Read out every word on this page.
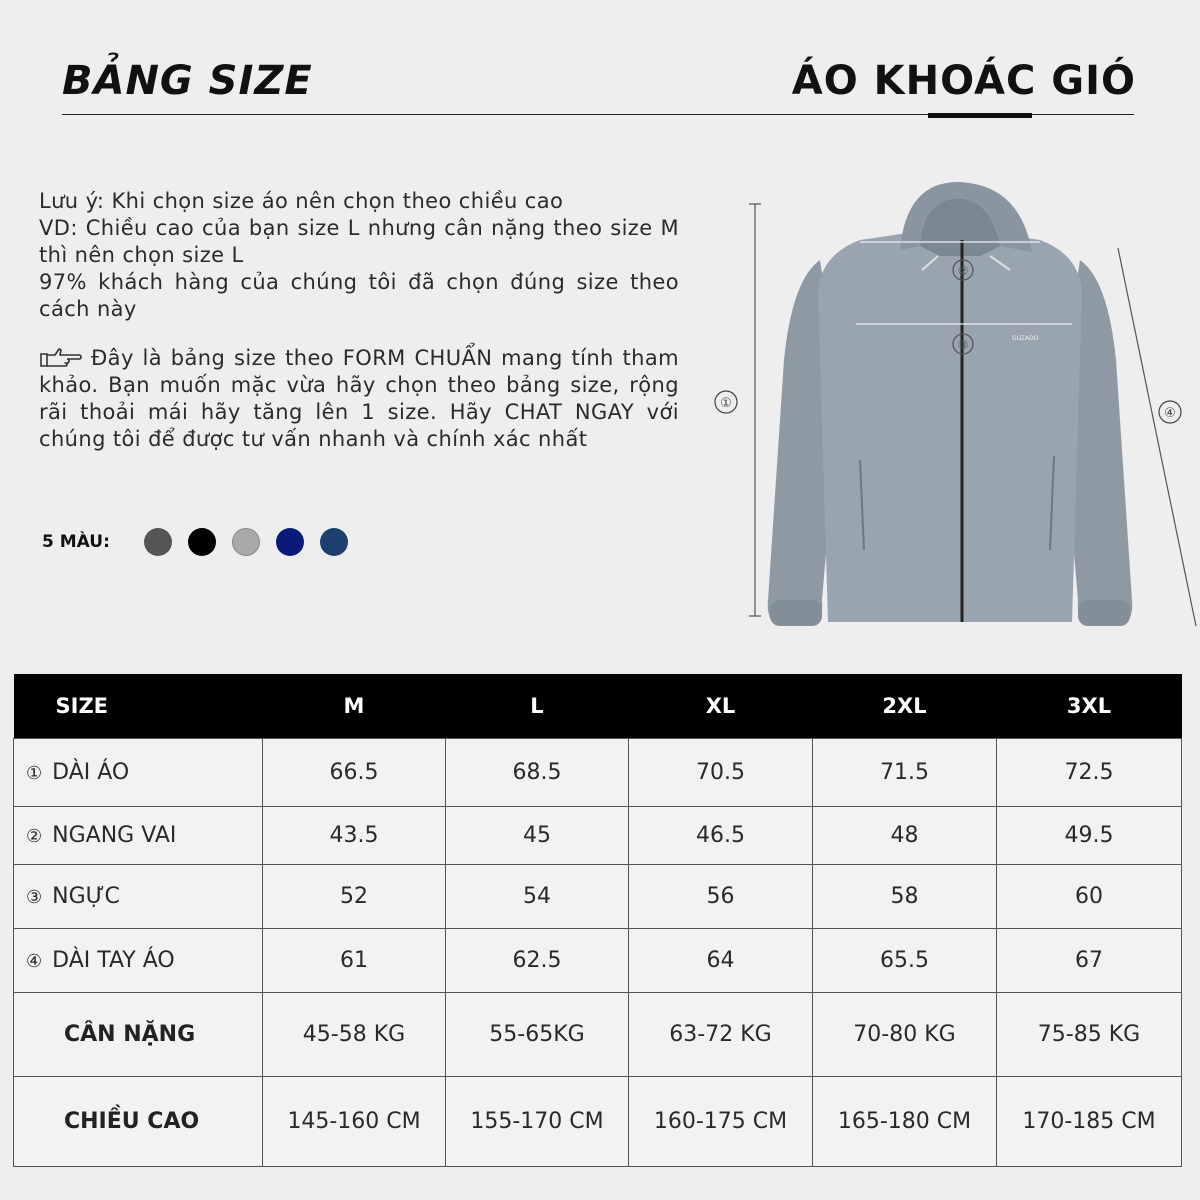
BẢNG SIZE	ÁO KHOÁC GIÓ

Lưu ý: Khi chọn size áo nên chọn theo chiều cao

VD: Chiều cao của bạn size L nhưng cân nặng theo size M thì nên chọn size L

97% khách hàng của chúng tôi đã chọn đúng size theo cách này

Đây là bảng size theo FORM CHUẨN mang tính tham khảo. Bạn muốn mặc vừa hãy chọn theo bảng size, rộng rãi thoải mái hãy tăng lên 1 size. Hãy CHAT NGAY với chúng tôi để được tư vấn nhanh và chính xác nhất

5 MÀU:
①
④
GUZADO
②
③
SIZE	M	L	XL	2XL	3XL
① DÀI ÁO	66.5	68.5	70.5	71.5	72.5
② NGANG VAI	43.5	45	46.5	48	49.5
③ NGỰC	52	54	56	58	60
④ DÀI TAY ÁO	61	62.5	64	65.5	67
CÂN NẶNG	45-58 KG	55-65KG	63-72 KG	70-80 KG	75-85 KG
CHIỀU CAO	145-160 CM	155-170 CM	160-175 CM	165-180 CM	170-185 CM
